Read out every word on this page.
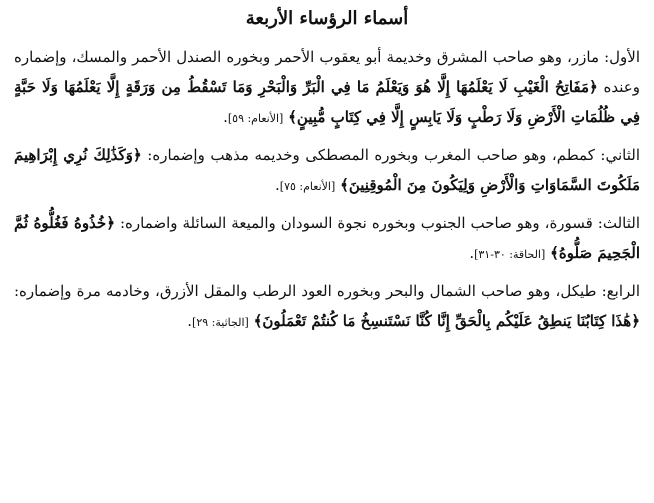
أسماء الرؤساء الأربعة

الأول: مازر، وهو صاحب المشرق وخديمة أبو يعقوب الأحمر وبخوره الصندل الأحمر والمسك، وإضماره وعنده ﴿مَفَاتِحُ الْغَيْبِ لَا يَعْلَمُهَا إِلَّا هُوَ وَيَعْلَمُ مَا فِي الْبَرِّ وَالْبَحْرِ وَمَا تَسْقُطُ مِن وَرَقَةٍ إِلَّا يَعْلَمُهَا وَلَا حَبَّةٍ فِي ظُلُمَاتِ الْأَرْضِ وَلَا رَطْبٍ وَلَا يَابِسٍ إِلَّا فِي كِتَابٍ مُّبِينٍ﴾ [الأنعام: ٥٩].

الثاني: كمطم، وهو صاحب المغرب وبخوره المصطكى وخديمه مذهب وإضماره: ﴿وَكَذَٰلِكَ نُرِي إِبْرَاهِيمَ مَلَكُوتَ السَّمَاوَاتِ وَالْأَرْضِ وَلِيَكُونَ مِنَ الْمُوقِنِينَ﴾ [الأنعام: ٧٥].

الثالث: قسورة، وهو صاحب الجنوب وبخوره نجوة السودان والميعة السائلة واضماره: ﴿خُذُوهُ فَغُلُّوهُ ثُمَّ الْجَحِيمَ صَلُّوهُ﴾ [الحاقة: ٣٠-٣١].

الرابع: طيكل، وهو صاحب الشمال والبحر وبخوره العود الرطب والمقل الأزرق، وخادمه مرة وإضماره: ﴿هَٰذَا كِتَابُنَا يَنطِقُ عَلَيْكُم بِالْحَقِّ إِنَّا كُنَّا نَسْتَنسِخُ مَا كُنتُمْ تَعْمَلُونَ﴾ [الجاثية: ٢٩].
